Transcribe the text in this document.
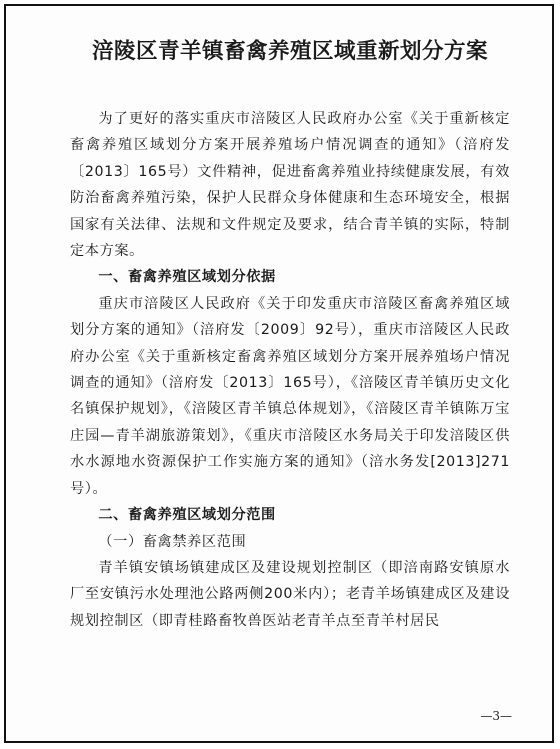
涪陵区青羊镇畜禽养殖区域重新划分方案

为了更好的落实重庆市涪陵区人民政府办公室《关于重新核定畜禽养殖区域划分方案开展养殖场户情况调查的通知》（涪府发〔2013〕165号）文件精神，促进畜禽养殖业持续健康发展，有效防治畜禽养殖污染，保护人民群众身体健康和生态环境安全，根据国家有关法律、法规和文件规定及要求，结合青羊镇的实际，特制定本方案。

一、畜禽养殖区域划分依据

重庆市涪陵区人民政府《关于印发重庆市涪陵区畜禽养殖区域划分方案的通知》（涪府发〔2009〕92号），重庆市涪陵区人民政府办公室《关于重新核定畜禽养殖区域划分方案开展养殖场户情况调查的通知》（涪府发〔2013〕165号），《涪陵区青羊镇历史文化名镇保护规划》，《涪陵区青羊镇总体规划》，《涪陵区青羊镇陈万宝庄园—青羊湖旅游策划》，《重庆市涪陵区水务局关于印发涪陵区供水水源地水资源保护工作实施方案的通知》（涪水务发[2013]271号）。

二、畜禽养殖区域划分范围

（一）畜禽禁养区范围

青羊镇安镇场镇建成区及建设规划控制区（即涪南路安镇原水厂至安镇污水处理池公路两侧200米内）；老青羊场镇建成区及建设规划控制区（即青桂路畜牧兽医站老青羊点至青羊村居民

—3—
